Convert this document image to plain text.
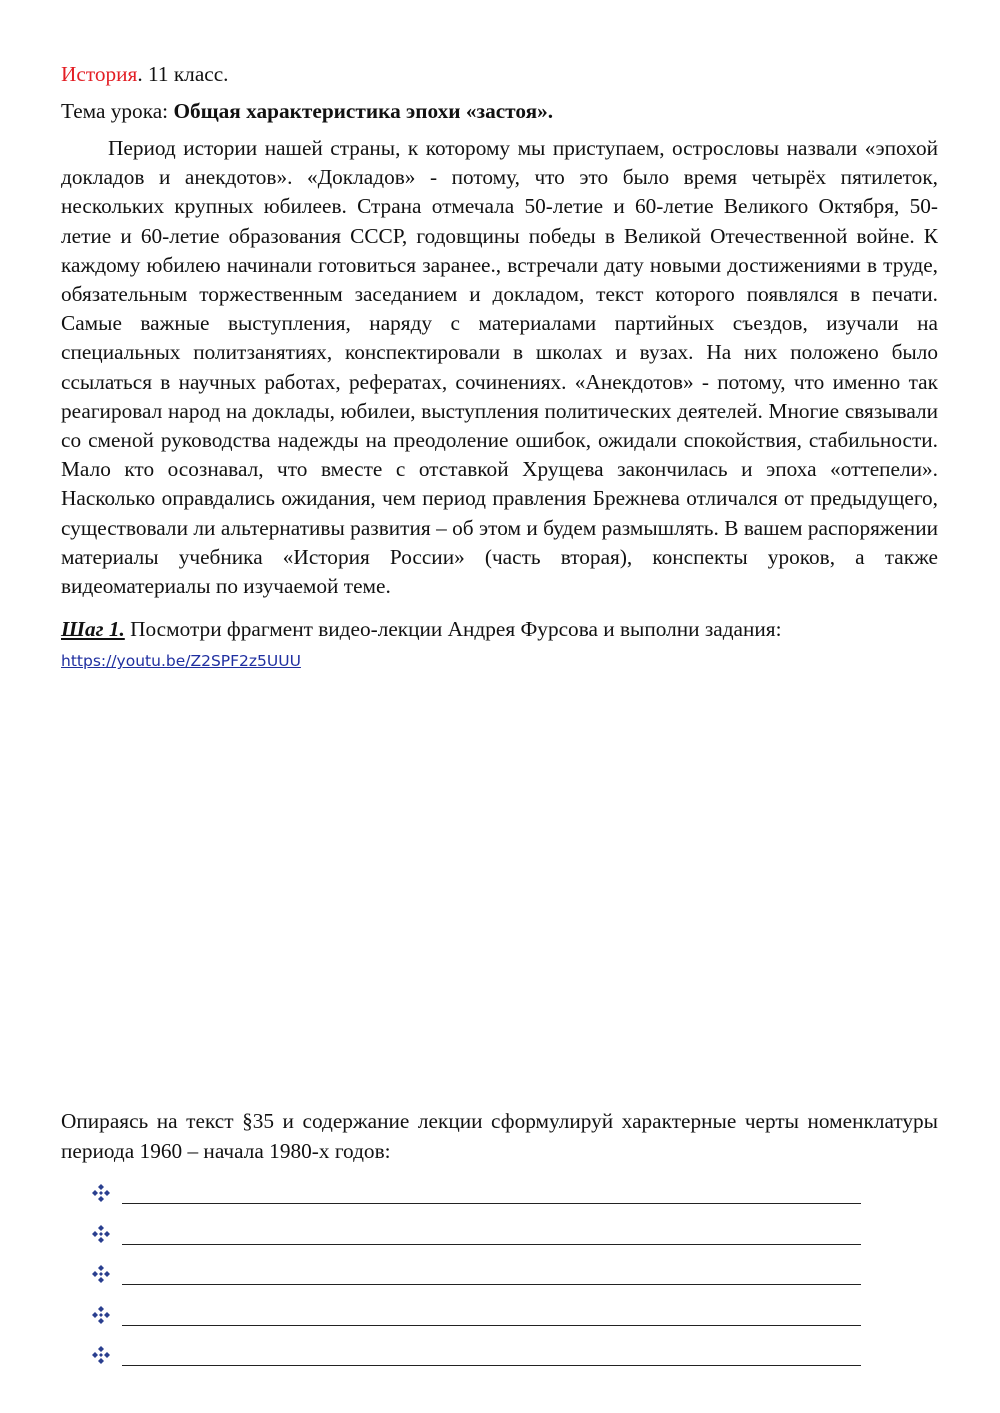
История. 11 класс.

Тема урока: Общая характеристика эпохи «застоя».

Период истории нашей страны, к которому мы приступаем, острословы назвали «эпохой докладов и анекдотов». «Докладов» - потому, что это было время четырёх пятилеток, нескольких крупных юбилеев. Страна отмечала 50-летие и 60-летие Великого Октября, 50-летие и 60-летие образования СССР, годовщины победы в Великой Отечественной войне. К каждому юбилею начинали готовиться заранее., встречали дату новыми достижениями в труде, обязательным торжественным заседанием и докладом, текст которого появлялся в печати. Самые важные выступления, наряду с материалами партийных съездов, изучали на специальных политзанятиях, конспектировали в школах и вузах. На них положено было ссылаться в научных работах, рефератах, сочинениях. «Анекдотов» - потому, что именно так реагировал народ на доклады, юбилеи, выступления политических деятелей. Многие связывали со сменой руководства надежды на преодоление ошибок, ожидали спокойствия, стабильности. Мало кто осознавал, что вместе с отставкой Хрущева закончилась и эпоха «оттепели». Насколько оправдались ожидания, чем период правления Брежнева отличался от предыдущего, существовали ли альтернативы развития – об этом и будем размышлять. В вашем распоряжении материалы учебника «История России» (часть вторая), конспекты уроков, а также видеоматериалы по изучаемой теме.

Шаг 1. Посмотри фрагмент видео-лекции Андрея Фурсова и выполни задания:

https://youtu.be/Z2SPF2z5UUU

Опираясь на текст §35 и содержание лекции сформулируй характерные черты номенклатуры периода 1960 – начала 1980-х годов:
